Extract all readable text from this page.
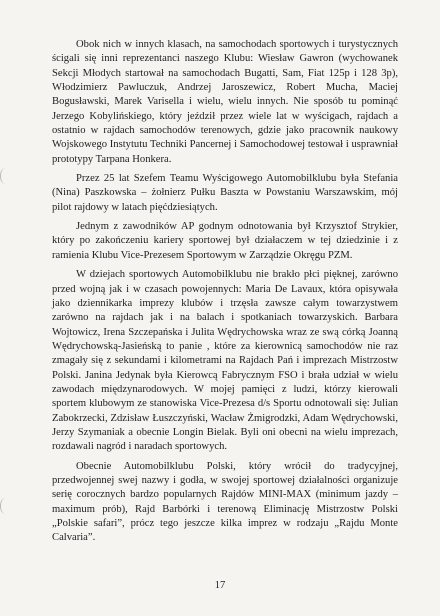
Obok nich w innych klasach, na samochodach sportowych i turystycznych ścigali się inni reprezentanci naszego Klubu: Wiesław Gawron (wychowanek Sekcji Młodych startował na samochodach Bugatti, Sam, Fiat 125p i 128 3p), Włodzimierz Pawluczuk, Andrzej Jaroszewicz, Robert Mucha, Maciej Bogusławski, Marek Varisella i wielu, wielu innych. Nie sposób tu pominąć Jerzego Kobylińskiego, który jeździł przez wiele lat w wyścigach, rajdach a ostatnio w rajdach samochodów terenowych, gdzie jako pracownik naukowy Wojskowego Instytutu Techniki Pancernej i Samochodowej testował i usprawniał prototypy Tarpana Honkera.

Przez 25 lat Szefem Teamu Wyścigowego Automobilklubu była Stefania (Nina) Paszkowska – żołnierz Pułku Baszta w Powstaniu Warszawskim, mój pilot rajdowy w latach pięćdziesiątych.

Jednym z zawodników AP godnym odnotowania był Krzysztof Strykier, który po zakończeniu kariery sportowej był działaczem w tej dziedzinie i z ramienia Klubu Vice-Prezesem Sportowym w Zarządzie Okręgu PZM.

W dziejach sportowych Automobilklubu nie brakło płci pięknej, zarówno przed wojną jak i w czasach powojennych: Maria De Lavaux, która opisywała jako dziennikarka imprezy klubów i trzęsła zawsze całym towarzystwem zarówno na rajdach jak i na balach i spotkaniach towarzyskich. Barbara Wojtowicz, Irena Szczepańska i Julita Wędrychowska wraz ze swą córką Joanną Wędrychowską-Jasieńską to panie , które za kierownicą samochodów nie raz zmagały się z sekundami i kilometrami na Rajdach Pań i imprezach Mistrzostw Polski. Janina Jedynak była Kierowcą Fabrycznym FSO i brała udział w wielu zawodach międzynarodowych. W mojej pamięci z ludzi, którzy kierowali sportem klubowym ze stanowiska Vice-Prezesa d/s Sportu odnotowali się: Julian Zabokrzecki, Zdzisław Łuszczyński, Wacław Żmigrodzki, Adam Wędrychowski, Jerzy Szymaniak a obecnie Longin Bielak. Byli oni obecni na wielu imprezach, rozdawali nagród i naradach sportowych.

Obecnie Automobilklubu Polski, który wrócił do tradycyjnej, przedwojennej swej nazwy i godła, w swojej sportowej działalności organizuje serię corocznych bardzo popularnych Rajdów MINI-MAX (minimum jazdy – maximum prób), Rajd Barbórki i terenową Eliminację Mistrzostw Polski „Polskie safari”, prócz tego jeszcze kilka imprez w rodzaju „Rajdu Monte Calvaria”.

17
